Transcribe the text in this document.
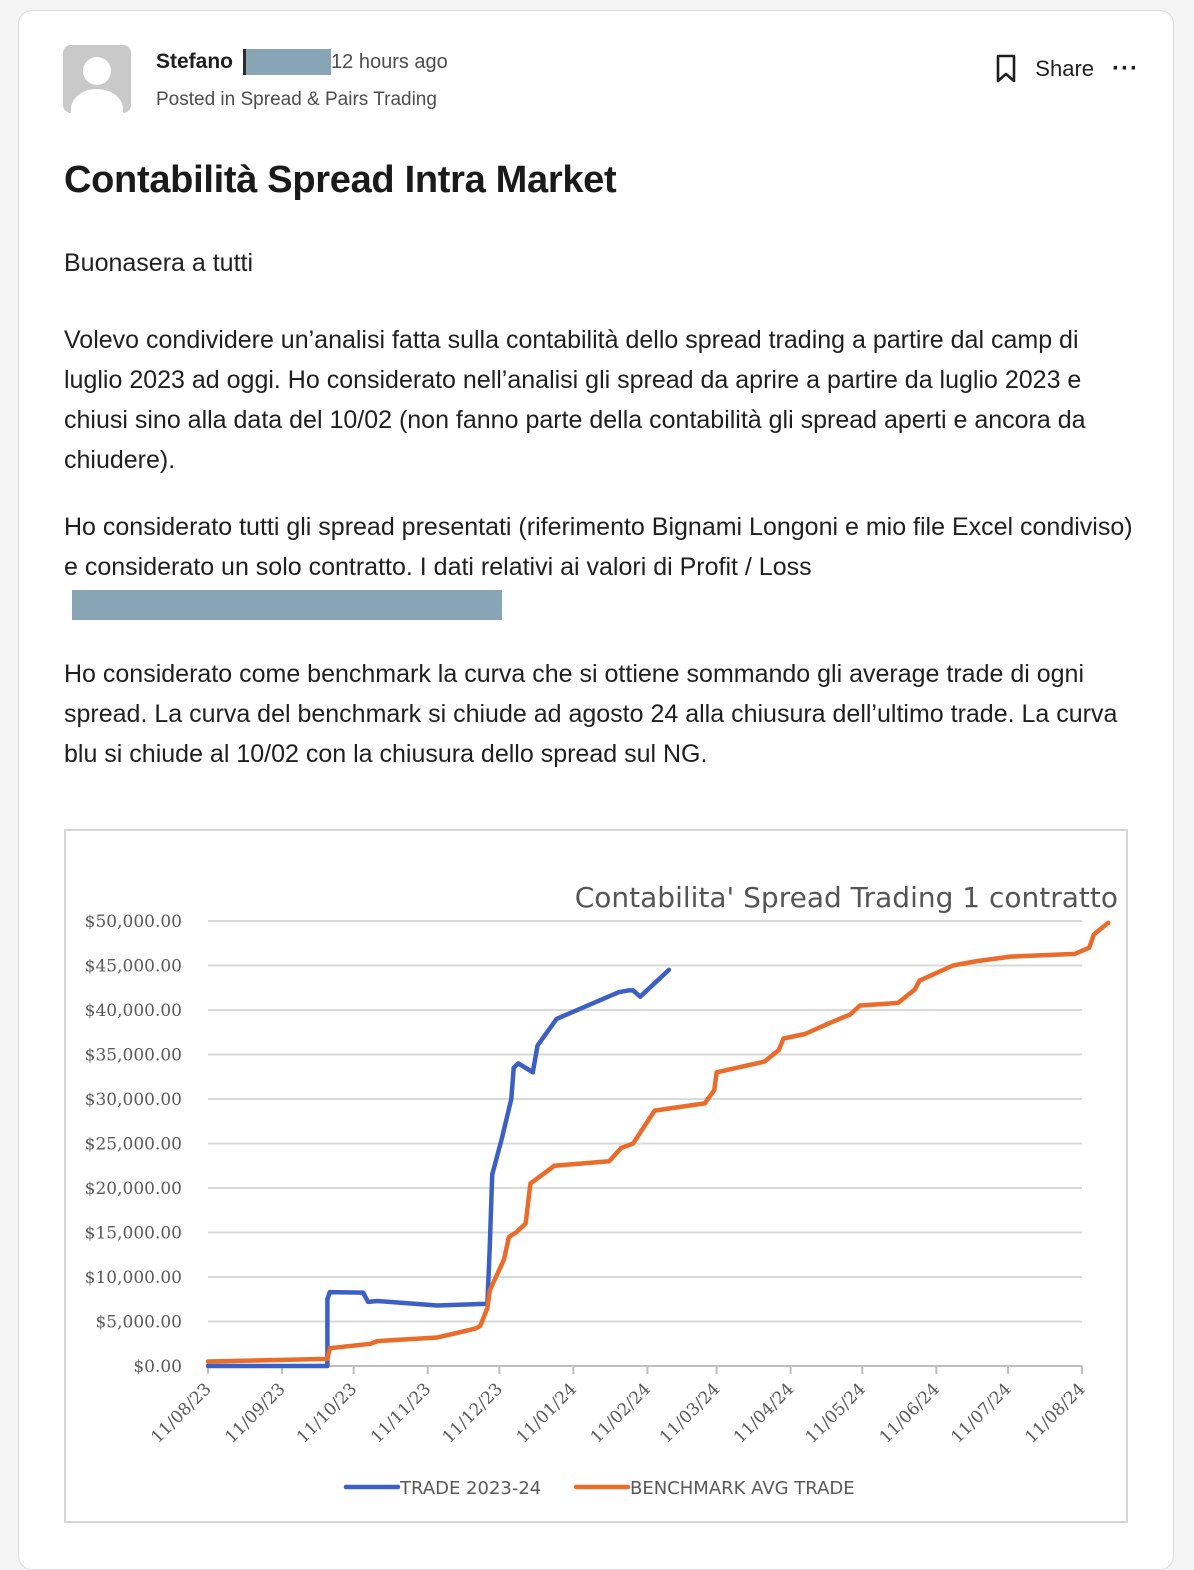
Stefano	12 hours ago
Posted in Spread & Pairs Trading
Share ···
Contabilità Spread Intra Market

Buonasera a tutti

Volevo condividere un’analisi fatta sulla contabilità dello spread trading a partire dal camp di luglio 2023 ad oggi. Ho considerato nell’analisi gli spread da aprire a partire da luglio 2023 e chiusi sino alla data del 10/02 (non fanno parte della contabilità gli spread aperti e ancora da chiudere).

Ho considerato tutti gli spread presentati (riferimento Bignami Longoni e mio file Excel condiviso) e considerato un solo contratto. I dati relativi ai valori di Profit / Loss

Ho considerato come benchmark la curva che si ottiene sommando gli average trade di ogni spread. La curva del benchmark si chiude ad agosto 24 alla chiusura dell’ultimo trade. La curva blu si chiude al 10/02 con la chiusura dello spread sul NG.

Contabilita' Spread Trading 1 contratto
$0.00
$5,000.00
$10,000.00
$15,000.00
$20,000.00
$25,000.00
$30,000.00
$35,000.00
$40,000.00
$45,000.00
$50,000.00
11/08/23 11/09/23 11/10/23 11/11/23 11/12/23 11/01/24 11/02/24 11/03/24 11/04/24 11/05/24 11/06/24 11/07/24 11/08/24
TRADE 2023-24	BENCHMARK AVG TRADE
